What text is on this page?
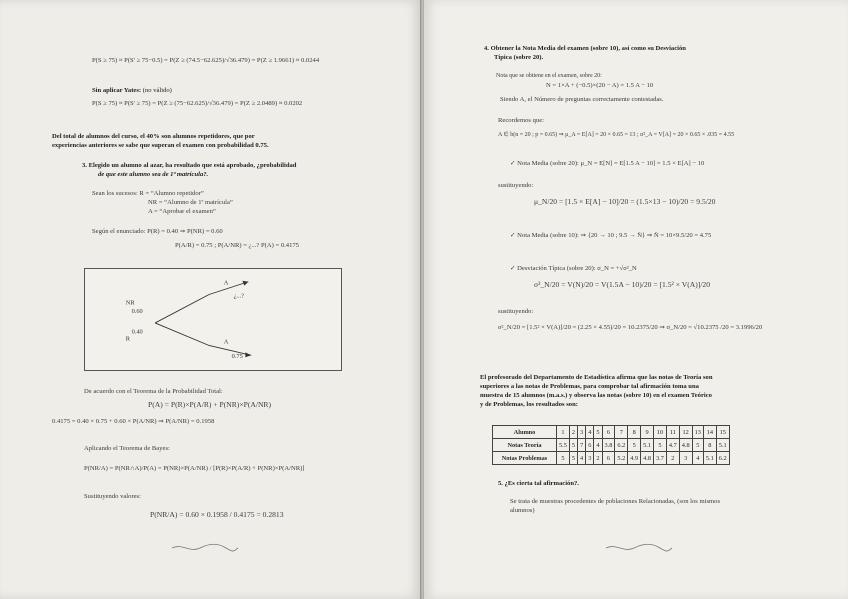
P(S ≥ 75) ≈ P(S' ≥ 75−0.5) = P(Z ≥ (74.5−62.625)/√36.479) = P(Z ≥ 1.9661) ≈ 0.0244
Sin aplicar Yates: (no válido)
P(S ≥ 75) ≈ P(S' ≥ 75) = P(Z ≥ (75−62.625)/√36.479) = P(Z ≥ 2.0489) ≈ 0.0202
Del total de alumnos del curso, el 40% son alumnos repetidores, que por
experiencias anteriores se sabe que superan el examen con probabilidad 0.75.
3. Elegido un alumno al azar, ha resultado que está aprobado, ¿probabilidad
de que este alumno sea de 1ª matrícula?.
Sean los sucesos: R = “Alumno repetidor”
NR = “Alumno de 1ª matrícula”
A = “Aprobar el examen”
Según el enunciado: P(R) = 0.40 ⇒ P(NR) = 0.60
P(A/R) = 0.75 ; P(A/NR) = ¿...? P(A) = 0.4175
NR
0.60
R
0.40
A
¿...?
A
0.75
De acuerdo con el Teorema de la Probabilidad Total:
P(A) = P(R)×P(A/R) + P(NR)×P(A/NR)
0.4175 = 0.40 × 0.75 + 0.60 × P(A/NR) ⇒ P(A/NR) = 0.1958
Aplicando el Teorema de Bayes:
P(NR/A) = P(NR∩A)/P(A) = P(NR)×P(A/NR) / [P(R)×P(A/R) + P(NR)×P(A/NR)]
Sustituyendo valores:
P(NR/A) = 0.60 × 0.1958 / 0.4175 = 0.2813
4. Obtener la Nota Media del examen (sobre 10), así como su Desviación
Típica (sobre 20).
Nota que se obtiene en el examen, sobre 20:
N = 1×A + (−0.5)×(20 − A) = 1.5 A − 10
Siendo A, el Número de preguntas correctamente contestadas.
Recordemos que:
A ∈ b(n = 20 ; p = 0.65) ⇒ μ_A = E[A] = 20 × 0.65 = 13 ; σ²_A = V[A] = 20 × 0.65 × .035 = 4.55
✓ Nota Media (sobre 20): μ_N = E[N] = E[1.5 A − 10] = 1.5 × E[A] − 10
sustituyendo:
μ_N/20 = [1.5 × E[A] − 10]/20 = (1.5×13 − 10)/20 = 9.5/20
✓ Nota Media (sobre 10): ⇒ {20 → 10 ; 9.5 → N̄} ⇒ N̄ = 10×9.5/20 = 4.75
✓ Desviación Típica (sobre 20): σ_N = +√σ²_N
σ²_N/20 = V(N)/20 = V(1.5A − 10)/20 = [1.5² × V(A)]/20
sustituyendo:
σ²_N/20 = [1.5² × V(A)]/20 = (2.25 × 4.55)/20 = 10.2375/20 ⇒ σ_N/20 = √10.2375 /20 = 3.1996/20
El profesorado del Departamento de Estadística afirma que las notas de Teoría son
superiores a las notas de Problemas, para comprobar tal afirmación toma una
muestra de 15 alumnos (m.a.s.) y observa las notas (sobre 10) en el examen Teórico
y de Problemas, los resultados son:
5. ¿Es cierta tal afirmación?.
Se trata de muestras procedentes de poblaciones Relacionadas, (son los mismos
alumnos)
Alumno	1	2	3	4	5	6	7	8	9	10	11	12	13	14	15
Notas Teoría	5.5	5	7	6	4	3.8	6.2	5	5.1	5	4.7	4.8	5	8	5.1
Notas Problemas	5	5	4	3	2	6	5.2	4.9	4.8	3.7	2	3	4	5.1	6.2
